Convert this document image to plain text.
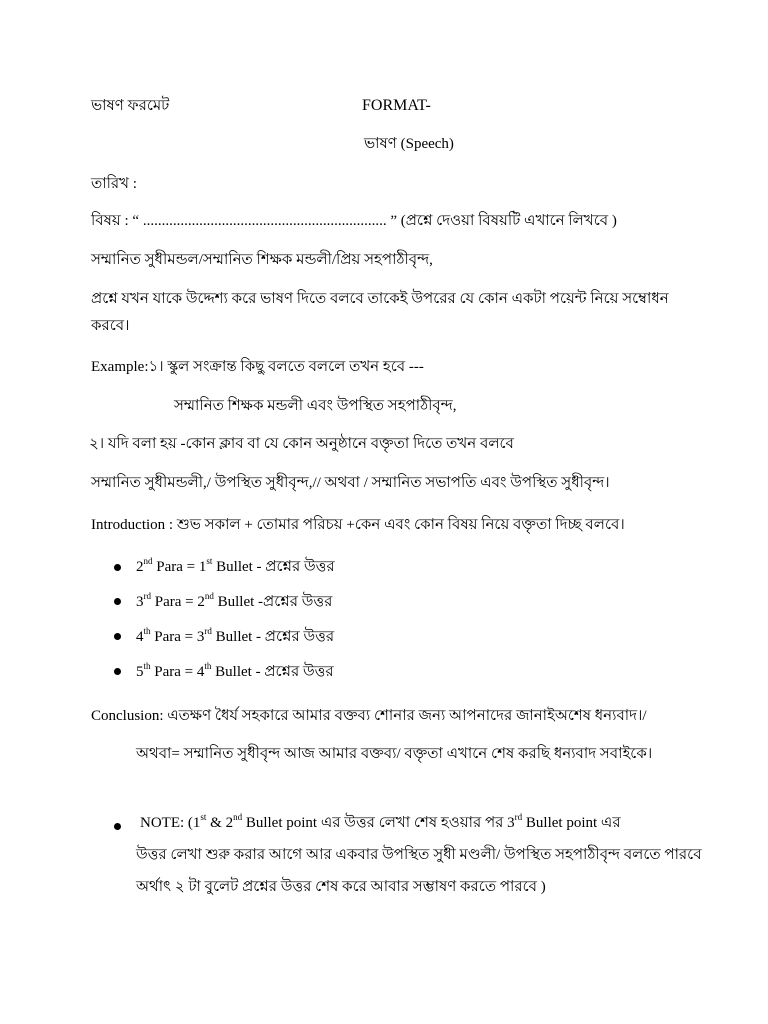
ভাষণ ফরমেট	FORMAT-
ভাষণ (Speech)
তারিখ :
বিষয় : “ ................................................................. ” (প্রশ্নে দেওয়া বিষয়টি এখানে লিখবে )
সম্মানিত সুধীমন্ডল/সম্মানিত শিক্ষক মন্ডলী/প্রিয় সহপাঠীবৃন্দ,
প্রশ্নে যখন যাকে উদ্দেশ্য করে ভাষণ দিতে বলবে তাকেই উপরের যে কোন একটা পয়েন্ট নিয়ে সম্বোধন
করবে।
Example:১। স্কুল সংক্রান্ত কিছু বলতে বললে তখন হবে ---
সম্মানিত শিক্ষক মন্ডলী এবং উপস্থিত সহপাঠীবৃন্দ,
২। যদি বলা হয় -কোন ক্লাব বা যে কোন অনুষ্ঠানে বক্তৃতা দিতে তখন বলবে
সম্মানিত সুধীমন্ডলী,/ উপস্থিত সুধীবৃন্দ,// অথবা / সম্মানিত সভাপতি এবং উপস্থিত সুধীবৃন্দ।
Introduction : শুভ সকাল + তোমার পরিচয় +কেন এবং কোন বিষয় নিয়ে বক্তৃতা দিচ্ছ বলবে।
2nd Para = 1st Bullet - প্রশ্নের উত্তর
3rd Para = 2nd Bullet -প্রশ্নের উত্তর
4th Para = 3rd Bullet - প্রশ্নের উত্তর
5th Para = 4th Bullet - প্রশ্নের উত্তর
Conclusion: এতক্ষণ ধৈর্য সহকারে আমার বক্তব্য শোনার জন্য আপনাদের জানাইঅশেষ ধন্যবাদ।/
অথবা= সম্মানিত সুধীবৃন্দ আজ আমার বক্তব্য/ বক্তৃতা এখানে শেষ করছি ধন্যবাদ সবাইকে।
NOTE: (1st & 2nd Bullet point এর উত্তর লেখা শেষ হওয়ার পর 3rd Bullet point এর
উত্তর লেখা শুরু করার আগে আর একবার উপস্থিত সুধী মণ্ডলী/ উপস্থিত সহপাঠীবৃন্দ বলতে পারবে
অর্থাৎ ২ টা বুলেট প্রশ্নের উত্তর শেষ করে আবার সম্ভাষণ করতে পারবে )
